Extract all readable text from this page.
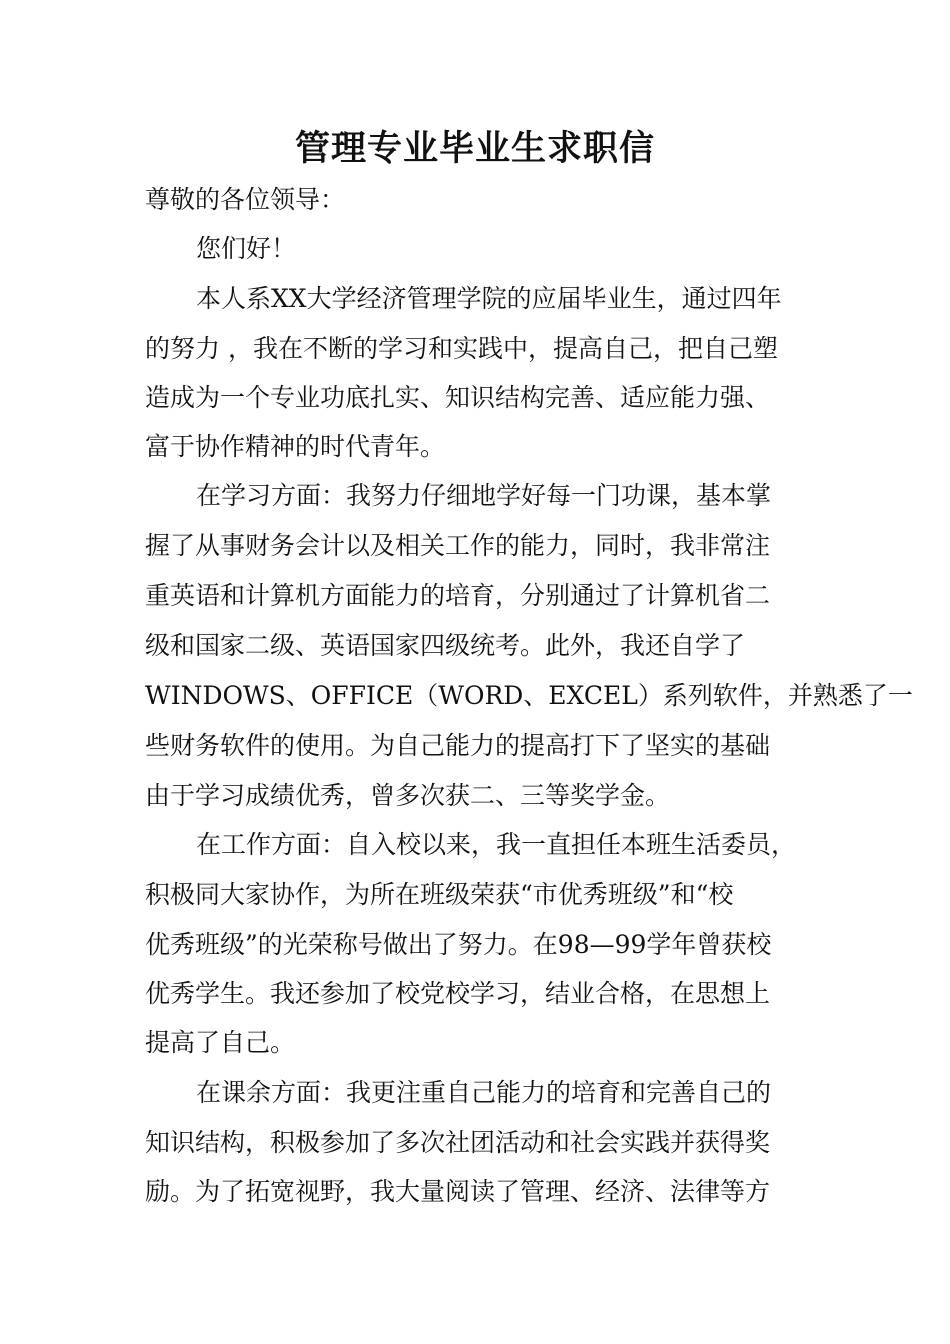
管理专业毕业生求职信
尊敬的各位领导：
您们好！
本人系XX大学经济管理学院的应届毕业生，通过四年
的努力 ，我在不断的学习和实践中，提高自己，把自己塑
造成为一个专业功底扎实、知识结构完善、适应能力强、
富于协作精神的时代青年。
在学习方面：我努力仔细地学好每一门功课，基本掌
握了从事财务会计以及相关工作的能力，同时，我非常注
重英语和计算机方面能力的培育，分别通过了计算机省二
级和国家二级、英语国家四级统考。此外，我还自学了
WINDOWS、OFFICE（WORD、EXCEL）系列软件，并熟悉了一
些财务软件的使用。为自己能力的提高打下了坚实的基础
由于学习成绩优秀，曾多次获二、三等奖学金。
在工作方面：自入校以来，我一直担任本班生活委员，
积极同大家协作，为所在班级荣获“市优秀班级”和“校
优秀班级”的光荣称号做出了努力。在98—99学年曾获校
优秀学生。我还参加了校党校学习，结业合格，在思想上
提高了自己。
在课余方面：我更注重自己能力的培育和完善自己的
知识结构，积极参加了多次社团活动和社会实践并获得奖
励。为了拓宽视野，我大量阅读了管理、经济、法律等方
